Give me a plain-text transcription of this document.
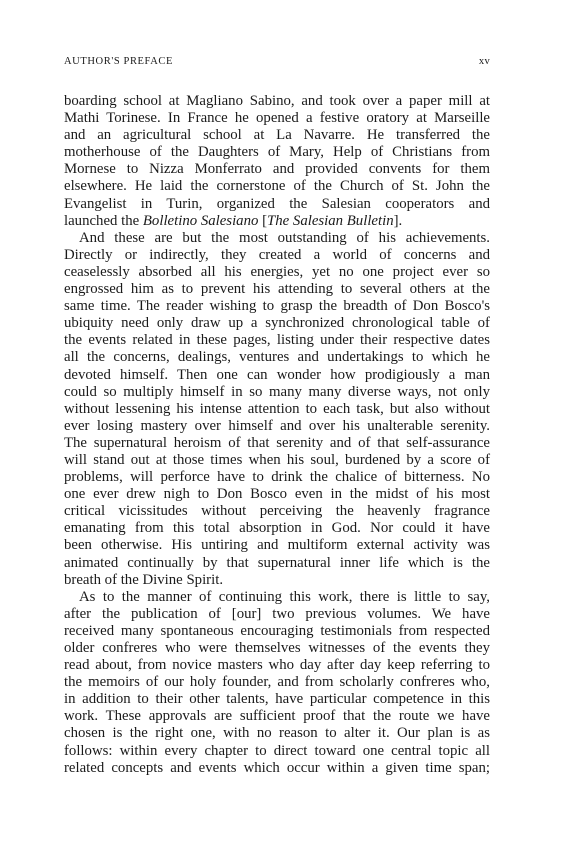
AUTHOR'S PREFACE	xv
boarding school at Magliano Sabino, and took over a paper mill at
Mathi Torinese. In France he opened a festive oratory at Marseille
and an agricultural school at La Navarre. He transferred the
motherhouse of the Daughters of Mary, Help of Christians from
Mornese to Nizza Monferrato and provided convents for them
elsewhere. He laid the cornerstone of the Church of St. John the
Evangelist in Turin, organized the Salesian cooperators and
launched the Bolletino Salesiano [The Salesian Bulletin].
And these are but the most outstanding of his achievements.
Directly or indirectly, they created a world of concerns and
ceaselessly absorbed all his energies, yet no one project ever so
engrossed him as to prevent his attending to several others at the
same time. The reader wishing to grasp the breadth of Don Bosco's
ubiquity need only draw up a synchronized chronological table of
the events related in these pages, listing under their respective dates
all the concerns, dealings, ventures and undertakings to which he
devoted himself. Then one can wonder how prodigiously a man
could so multiply himself in so many many diverse ways, not only
without lessening his intense attention to each task, but also without
ever losing mastery over himself and over his unalterable serenity.
The supernatural heroism of that serenity and of that self-assurance
will stand out at those times when his soul, burdened by a score of
problems, will perforce have to drink the chalice of bitterness. No
one ever drew nigh to Don Bosco even in the midst of his most
critical vicissitudes without perceiving the heavenly fragrance
emanating from this total absorption in God. Nor could it have
been otherwise. His untiring and multiform external activity was
animated continually by that supernatural inner life which is the
breath of the Divine Spirit.
As to the manner of continuing this work, there is little to say,
after the publication of [our] two previous volumes. We have
received many spontaneous encouraging testimonials from respected
older confreres who were themselves witnesses of the events they
read about, from novice masters who day after day keep referring to
the memoirs of our holy founder, and from scholarly confreres who,
in addition to their other talents, have particular competence in this
work. These approvals are sufficient proof that the route we have
chosen is the right one, with no reason to alter it. Our plan is as
follows: within every chapter to direct toward one central topic all
related concepts and events which occur within a given time span;
